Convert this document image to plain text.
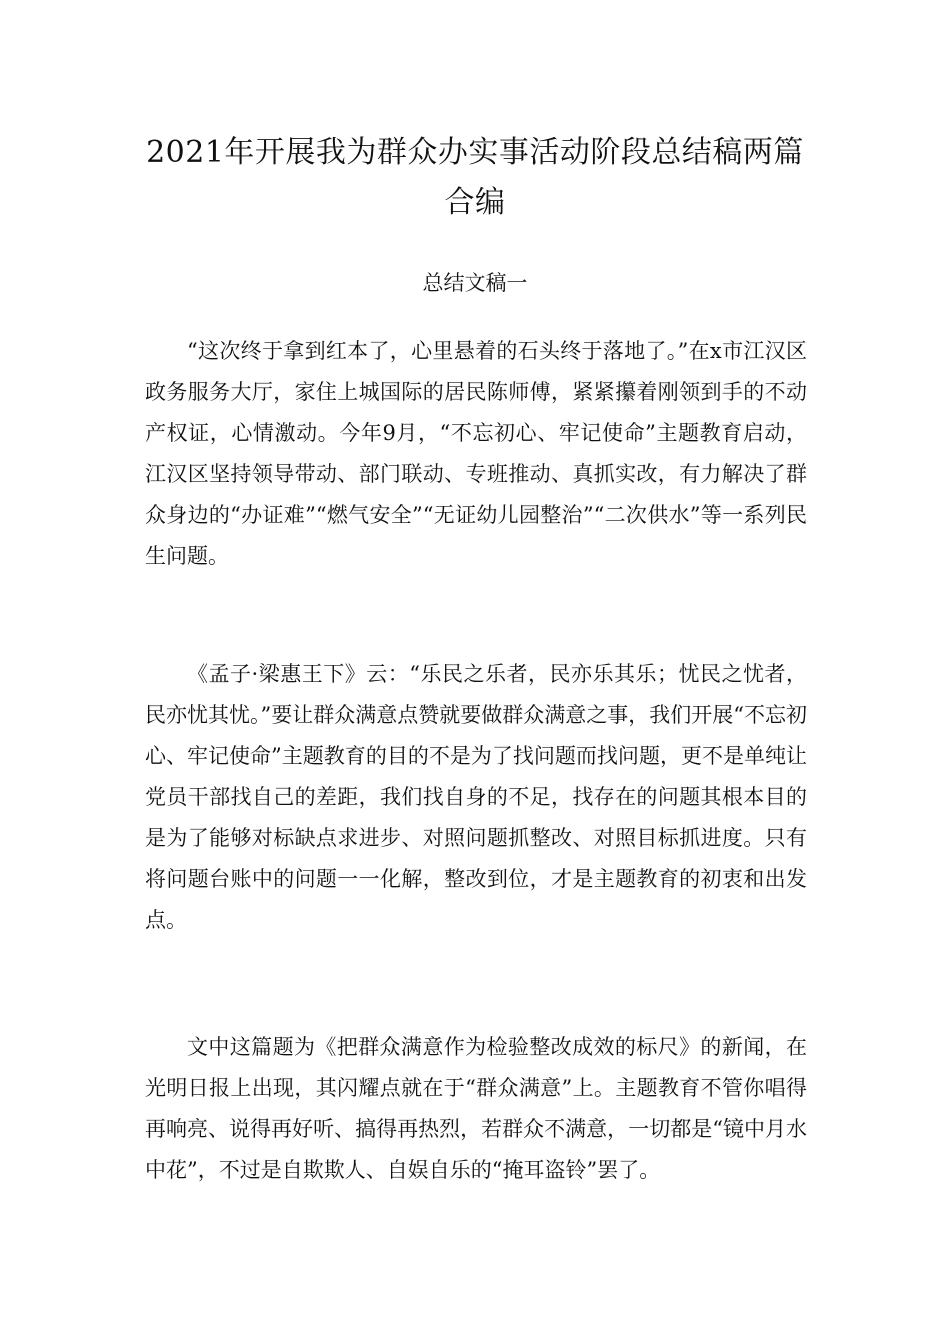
2021年开展我为群众办实事活动阶段总结稿两篇合编
总结文稿一

“这次终于拿到红本了，心里悬着的石头终于落地了。”在x市江汉区政务服务大厅，家住上城国际的居民陈师傅，紧紧攥着刚领到手的不动产权证，心情激动。今年9月，“不忘初心、牢记使命”主题教育启动，江汉区坚持领导带动、部门联动、专班推动、真抓实改，有力解决了群众身边的“办证难”“燃气安全”“无证幼儿园整治”“二次供水”等一系列民生问题。

《孟子·梁惠王下》云：“乐民之乐者，民亦乐其乐；忧民之忧者，民亦忧其忧。”要让群众满意点赞就要做群众满意之事，我们开展“不忘初心、牢记使命”主题教育的目的不是为了找问题而找问题，更不是单纯让党员干部找自己的差距，我们找自身的不足，找存在的问题其根本目的是为了能够对标缺点求进步、对照问题抓整改、对照目标抓进度。只有将问题台账中的问题一一化解，整改到位，才是主题教育的初衷和出发点。

文中这篇题为《把群众满意作为检验整改成效的标尺》的新闻，在光明日报上出现，其闪耀点就在于“群众满意”上。主题教育不管你唱得再响亮、说得再好听、搞得再热烈，若群众不满意，一切都是“镜中月水中花”，不过是自欺欺人、自娱自乐的“掩耳盗铃”罢了。
